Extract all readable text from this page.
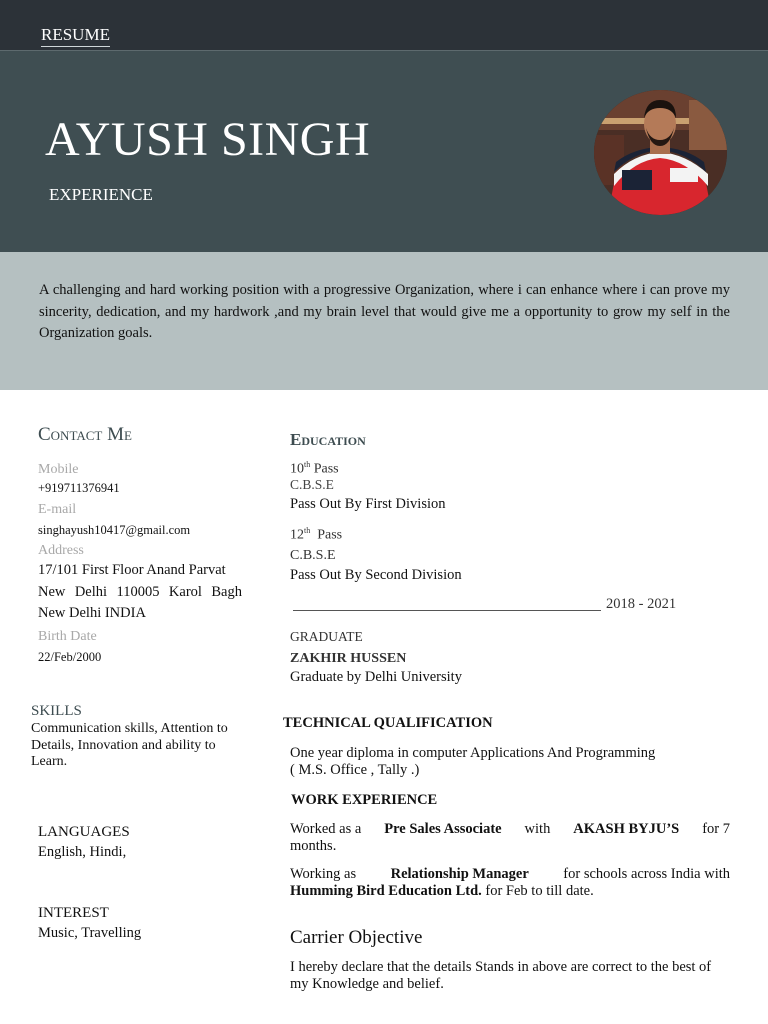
RESUME
AYUSH SINGH
EXPERIENCE
A challenging and hard working position with a progressive Organization, where i can enhance where i can prove my sincerity, dedication, and my hardwork ,and my brain level that would give me a opportunity to grow my self in the Organization goals.
Contact Me
Mobile
+919711376941
E-mail
singhayush10417@gmail.com
Address
17/101 First Floor Anand Parvat
New Delhi 110005 Karol Bagh
New Delhi INDIA
Birth Date
22/Feb/2000
SKILLS
Communication skills, Attention to Details, Innovation and ability to Learn.
LANGUAGES
English, Hindi,
INTEREST
Music, Travelling
Education
10th Pass
C.B.S.E
Pass Out By First Division
12th Pass
C.B.S.E
Pass Out By Second Division
2018 - 2021
GRADUATE
ZAKHIR HUSSEN
Graduate by Delhi University
TECHNICAL QUALIFICATION
One year diploma in computer Applications And Programming
( M.S. Office , Tally .)
WORK EXPERIENCE
Worked as a Pre Sales Associate with AKASH BYJU’S for 7
months.
Working as Relationship Manager for schools across India with
Humming Bird Education Ltd. for Feb to till date.
Carrier Objective
I hereby declare that the details Stands in above are correct to the best of my Knowledge and belief.
